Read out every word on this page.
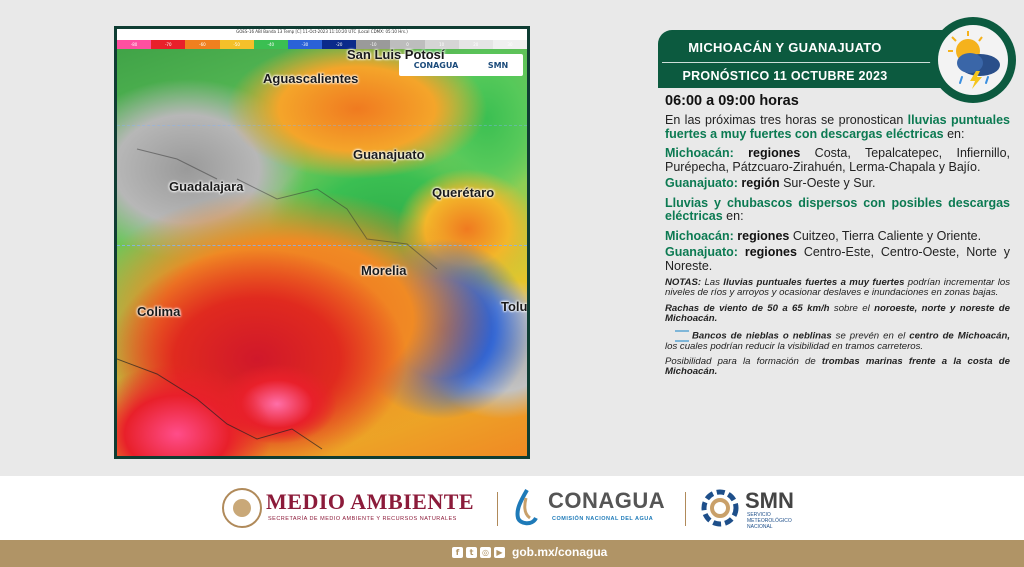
GOES-16 ABI Banda 13 Temp [C] 11-Oct-2023 11:10:20 UTC (Local CDMX: 05:10 Hrs.)
-80	-70	-60	-50	-40	-30	-20	-10	0	10	20	30
CONAGUA	SMN
San Luis Potosí
Aguascalientes
Guanajuato
Guadalajara	Querétaro
Morelia
Colima	Tolu
MICHOACÁN Y GUANAJUATO
PRONÓSTICO 11 OCTUBRE 2023
06:00 a 09:00 horas

En las próximas tres horas se pronostican lluvias puntuales fuertes a muy fuertes con descargas eléctricas en:

Michoacán: regiones Costa, Tepalcatepec, Infiernillo, Purépecha, Pátzcuaro-Zirahuén, Lerma-Chapala y Bajío.

Guanajuato: región Sur-Oeste y Sur.

Lluvias y chubascos dispersos con posibles descargas eléctricas en:

Michoacán: regiones Cuitzeo, Tierra Caliente y Oriente.

Guanajuato: regiones Centro-Este, Centro-Oeste, Norte y Noreste.

NOTAS: Las lluvias puntuales fuertes a muy fuertes podrían incrementar los niveles de ríos y arroyos y ocasionar deslaves e inundaciones en zonas bajas.

Rachas de viento de 50 a 65 km/h sobre el noroeste, norte y noreste de Michoacán.

Bancos de nieblas o neblinas se prevén en el centro de Michoacán, los cuales podrían reducir la visibilidad en tramos carreteros.

Posibilidad para la formación de trombas marinas frente a la costa de Michoacán.

MEDIO AMBIENTE
SECRETARÍA DE MEDIO AMBIENTE Y RECURSOS NATURALES
CONAGUA
COMISIÓN NACIONAL DEL AGUA
SMN
SERVICIO
METEOROLÓGICO
NACIONAL
f	t	◎ ▶ gob.mx/conagua
